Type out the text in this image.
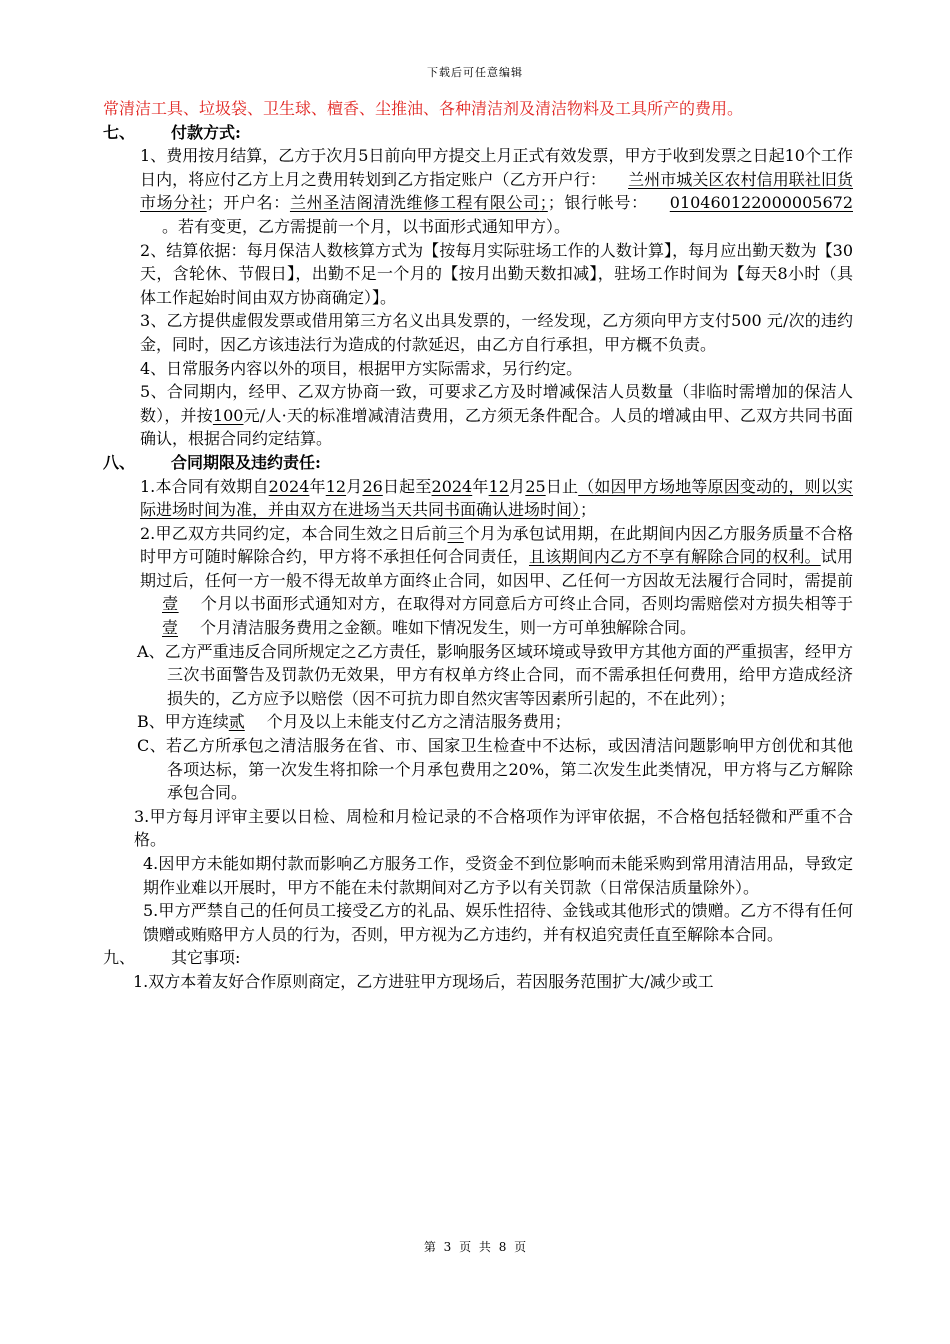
下载后可任意编辑

常清洁工具、垃圾袋、卫生球、檀香、尘推油、各种清洁剂及清洁物料及工具所产的费用。

七、 付款方式:

1、费用按月结算，乙方于次月5日前向甲方提交上月正式有效发票，甲方于收到发票之日起10个工作日内，将应付乙方上月之费用转划到乙方指定账户（乙方开户行： 兰州市城关区农村信用联社旧货市场分社；开户名：兰州圣洁阁清洗维修工程有限公司；；银行帐号： 010460122000005672。若有变更，乙方需提前一个月，以书面形式通知甲方）。

2、结算依据：每月保洁人数核算方式为【按每月实际驻场工作的人数计算】，每月应出勤天数为【30天，含轮休、节假日】，出勤不足一个月的【按月出勤天数扣减】，驻场工作时间为【每天8小时（具体工作起始时间由双方协商确定）】。

3、乙方提供虚假发票或借用第三方名义出具发票的，一经发现，乙方须向甲方支付500 元/次的违约金，同时，因乙方该违法行为造成的付款延迟，由乙方自行承担，甲方概不负责。

4、日常服务内容以外的项目，根据甲方实际需求，另行约定。

5、合同期内，经甲、乙双方协商一致，可要求乙方及时增减保洁人员数量（非临时需增加的保洁人数），并按100元/人·天的标准增减清洁费用，乙方须无条件配合。人员的增减由甲、乙双方共同书面确认，根据合同约定结算。

八、 合同期限及违约责任:

1.本合同有效期自2024年12月26日起至2024年12月25日止（如因甲方场地等原因变动的，则以实际进场时间为准，并由双方在进场当天共同书面确认进场时间）；

2.甲乙双方共同约定，本合同生效之日后前三个月为承包试用期，在此期间内因乙方服务质量不合格时甲方可随时解除合约，甲方将不承担任何合同责任，且该期间内乙方不享有解除合同的权利。试用期过后，任何一方一般不得无故单方面终止合同，如因甲、乙任何一方因故无法履行合同时，需提前壹 个月以书面形式通知对方，在取得对方同意后方可终止合同，否则均需赔偿对方损失相等于壹 个月清洁服务费用之金额。唯如下情况发生，则一方可单独解除合同。

A、乙方严重违反合同所规定之乙方责任，影响服务区域环境或导致甲方其他方面的严重损害，经甲方三次书面警告及罚款仍无效果，甲方有权单方终止合同，而不需承担任何费用，给甲方造成经济损失的，乙方应予以赔偿（因不可抗力即自然灾害等因素所引起的，不在此列）；

B、甲方连续贰 个月及以上未能支付乙方之清洁服务费用；

C、若乙方所承包之清洁服务在省、市、国家卫生检查中不达标，或因清洁问题影响甲方创优和其他各项达标，第一次发生将扣除一个月承包费用之20%，第二次发生此类情况，甲方将与乙方解除承包合同。

3.甲方每月评审主要以日检、周检和月检记录的不合格项作为评审依据，不合格包括轻微和严重不合格。

4.因甲方未能如期付款而影响乙方服务工作，受资金不到位影响而未能采购到常用清洁用品，导致定期作业难以开展时，甲方不能在未付款期间对乙方予以有关罚款（日常保洁质量除外）。

5.甲方严禁自己的任何员工接受乙方的礼品、娱乐性招待、金钱或其他形式的馈赠。乙方不得有任何馈赠或贿赂甲方人员的行为，否则，甲方视为乙方违约，并有权追究责任直至解除本合同。

九、 其它事项:

1.双方本着友好合作原则商定，乙方进驻甲方现场后，若因服务范围扩大/减少或工

第 3 页 共 8 页
